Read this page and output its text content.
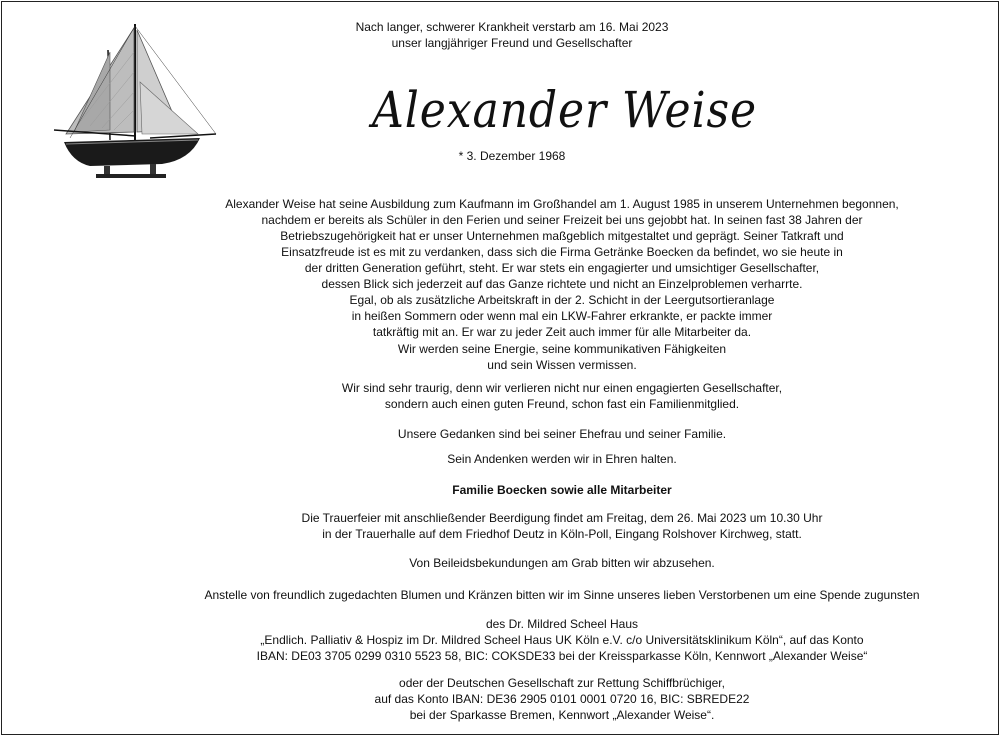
Nach langer, schwerer Krankheit verstarb am 16. Mai 2023

unser langjähriger Freund und Gesellschafter

Alexander Weise
* 3. Dezember 1968

Alexander Weise hat seine Ausbildung zum Kaufmann im Großhandel am 1. August 1985 in unserem Unternehmen begonnen,

nachdem er bereits als Schüler in den Ferien und seiner Freizeit bei uns gejobbt hat. In seinen fast 38 Jahren der

Betriebszugehörigkeit hat er unser Unternehmen maßgeblich mitgestaltet und geprägt. Seiner Tatkraft und

Einsatzfreude ist es mit zu verdanken, dass sich die Firma Getränke Boecken da befindet, wo sie heute in

der dritten Generation geführt, steht. Er war stets ein engagierter und umsichtiger Gesellschafter,

dessen Blick sich jederzeit auf das Ganze richtete und nicht an Einzelproblemen verharrte.

Egal, ob als zusätzliche Arbeitskraft in der 2. Schicht in der Leergutsortieranlage

in heißen Sommern oder wenn mal ein LKW-Fahrer erkrankte, er packte immer

tatkräftig mit an. Er war zu jeder Zeit auch immer für alle Mitarbeiter da.

Wir werden seine Energie, seine kommunikativen Fähigkeiten

und sein Wissen vermissen.

Wir sind sehr traurig, denn wir verlieren nicht nur einen engagierten Gesellschafter,

sondern auch einen guten Freund, schon fast ein Familienmitglied.

Unsere Gedanken sind bei seiner Ehefrau und seiner Familie.
Sein Andenken werden wir in Ehren halten.
Familie Boecken sowie alle Mitarbeiter

Die Trauerfeier mit anschließender Beerdigung findet am Freitag, dem 26. Mai 2023 um 10.30 Uhr

in der Trauerhalle auf dem Friedhof Deutz in Köln-Poll, Eingang Rolshover Kirchweg, statt.

Von Beileidsbekundungen am Grab bitten wir abzusehen.
Anstelle von freundlich zugedachten Blumen und Kränzen bitten wir im Sinne unseres lieben Verstorbenen um eine Spende zugunsten

des Dr. Mildred Scheel Haus

„Endlich. Palliativ & Hospiz im Dr. Mildred Scheel Haus UK Köln e.V. c/o Universitätsklinikum Köln“, auf das Konto

IBAN: DE03 3705 0299 0310 5523 58, BIC: COKSDE33 bei der Kreissparkasse Köln, Kennwort „Alexander Weise“

oder der Deutschen Gesellschaft zur Rettung Schiffbrüchiger,

auf das Konto IBAN: DE36 2905 0101 0001 0720 16, BIC: SBREDE22

bei der Sparkasse Bremen, Kennwort „Alexander Weise“.
